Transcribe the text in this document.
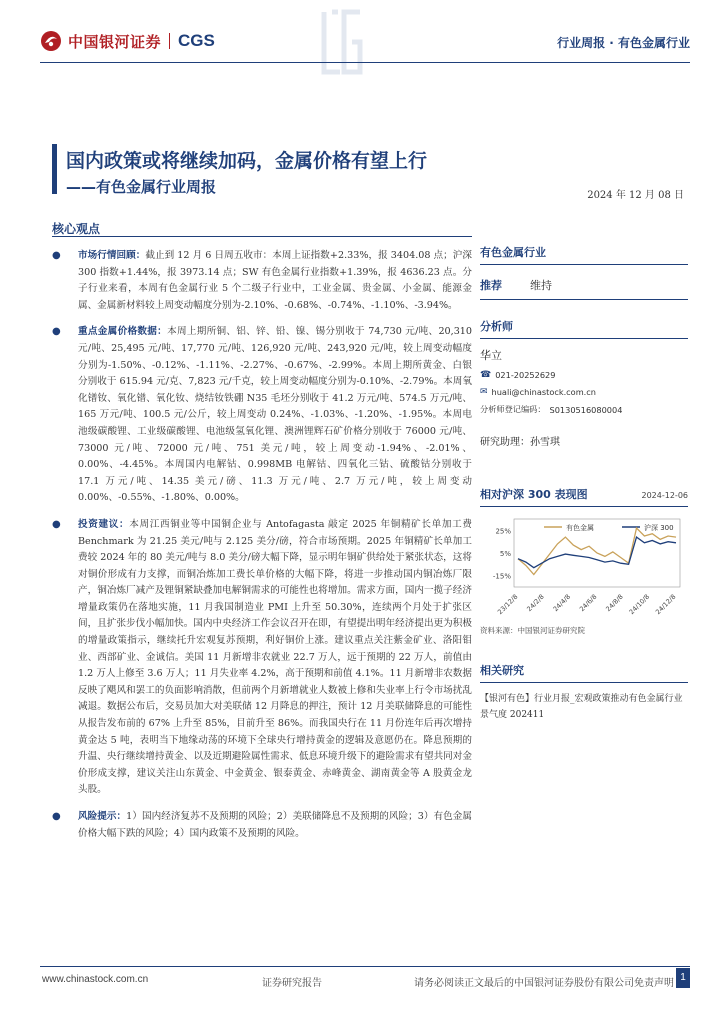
中国银河证券 CGS	行业周报 · 有色金属行业
国内政策或将继续加码，金属价格有望上行
——有色金属行业周报	2024 年 12 月 08 日
核心观点
● 市场行情回顾：截止到 12 月 6 日周五收市：本周上证指数+2.33%，报 3404.08 点；沪深 300 指数+1.44%，报 3973.14 点；SW 有色金属行业指数+1.39%，报 4636.23 点。分子行业来看，本周有色金属行业 5 个二级子行业中，工业金属、贵金属、小金属、能源金属、金属新材料较上周变动幅度分别为-2.10%、-0.68%、-0.74%、-1.10%、-3.94%。
● 重点金属价格数据：本周上期所铜、铝、锌、铅、镍、锡分别收于 74,730 元/吨、20,310 元/吨、25,495 元/吨、17,770 元/吨、126,920 元/吨、243,920 元/吨，较上周变动幅度分别为-1.50%、-0.12%、-1.11%、-2.27%、-0.67%、-2.99%。本周上期所黄金、白银分别收于 615.94 元/克、7,823 元/千克，较上周变动幅度分别为-0.10%、-2.79%。本周氧化镨钕、氧化镨、氧化钕、烧结钕铁硼 N35 毛坯分别收于 41.2 万元/吨、574.5 万元/吨、165 万元/吨、100.5 元/公斤，较上周变动 0.24%、-1.03%、-1.20%、-1.95%。本周电池级碳酸锂、工业级碳酸锂、电池级氢氧化锂、澳洲锂辉石矿价格分别收于 76000 元/吨、73000 元/吨、72000 元/吨、751 美元/吨，较上周变动-1.94%、-2.01%、0.00%、-4.45%。本周国内电解钴、0.998MB 电解钴、四氧化三钴、硫酸钴分别收于 17.1 万元/吨、14.35 美元/磅、11.3 万元/吨、2.7 万元/吨，较上周变动 0.00%、-0.55%、-1.80%、0.00%。
● 投资建议：本周江西铜业等中国铜企业与 Antofagasta 敲定 2025 年铜精矿长单加工费 Benchmark 为 21.25 美元/吨与 2.125 美分/磅，符合市场预期。2025 年铜精矿长单加工费较 2024 年的 80 美元/吨与 8.0 美分/磅大幅下降，显示明年铜矿供给处于紧张状态，这将对铜价形成有力支撑，而铜冶炼加工费长单价格的大幅下降，将进一步推动国内铜冶炼厂限产，铜冶炼厂减产及锂铜紧缺叠加电解铜需求的可能性也将增加。需求方面，国内一揽子经济增量政策仍在落地实施，11 月我国制造业 PMI 上升至 50.30%，连续两个月处于扩张区间，且扩张步伐小幅加快。国内中央经济工作会议召开在即，有望提出明年经济提出更为积极的增量政策指示，继续托升宏观复苏预期，利好铜价上涨。建议重点关注紫金矿业、洛阳钼业、西部矿业、金诚信。美国 11 月新增非农就业 22.7 万人，远于预期的 22 万人，前值由 1.2 万人上修至 3.6 万人；11 月失业率 4.2%，高于预期和前值 4.1%。11 月新增非农数据反映了飓风和罢工的负面影响消散，但前两个月新增就业人数被上修和失业率上行令市场扰乱减退。数据公布后，交易员加大对美联储 12 月降息的押注，预计 12 月美联储降息的可能性从报告发布前的 67% 上升至 85%，目前升至 86%。而我国央行在 11 月份连年后再次增持黄金达 5 吨，表明当下地缘动荡的环境下全球央行增持黄金的逻辑及意愿仍在。降息预期的升温、央行继续增持黄金、以及近期避险属性需求、低息环境升级下的避险需求有望共同对金价形成支撑，建议关注山东黄金、中金黄金、银泰黄金、赤峰黄金、湖南黄金等 A 股黄金龙头股。
● 风险提示：1）国内经济复苏不及预期的风险；2）美联储降息不及预期的风险；3）有色金属价格大幅下跌的风险；4）国内政策不及预期的风险。
有色金属行业
推荐	维持
分析师
华立
☎ 021-20252629
✉ huali@chinastock.com.cn
分析师登记编码： S0130516080004
研究助理：孙雪琪
相对沪深 300 表现图	2024-12-06
25%
5%
-15%
有色金属	沪深 300
23/12/8 24/2/8 24/4/8 24/6/8 24/8/8 24/10/8 24/12/8
资料来源：中国银河证券研究院
相关研究
【银河有色】行业月报_宏观政策推动有色金属行业景气度 202411
www.chinastock.com.cn	证券研究报告	请务必阅读正文最后的中国银河证券股份有限公司免责声明
1
